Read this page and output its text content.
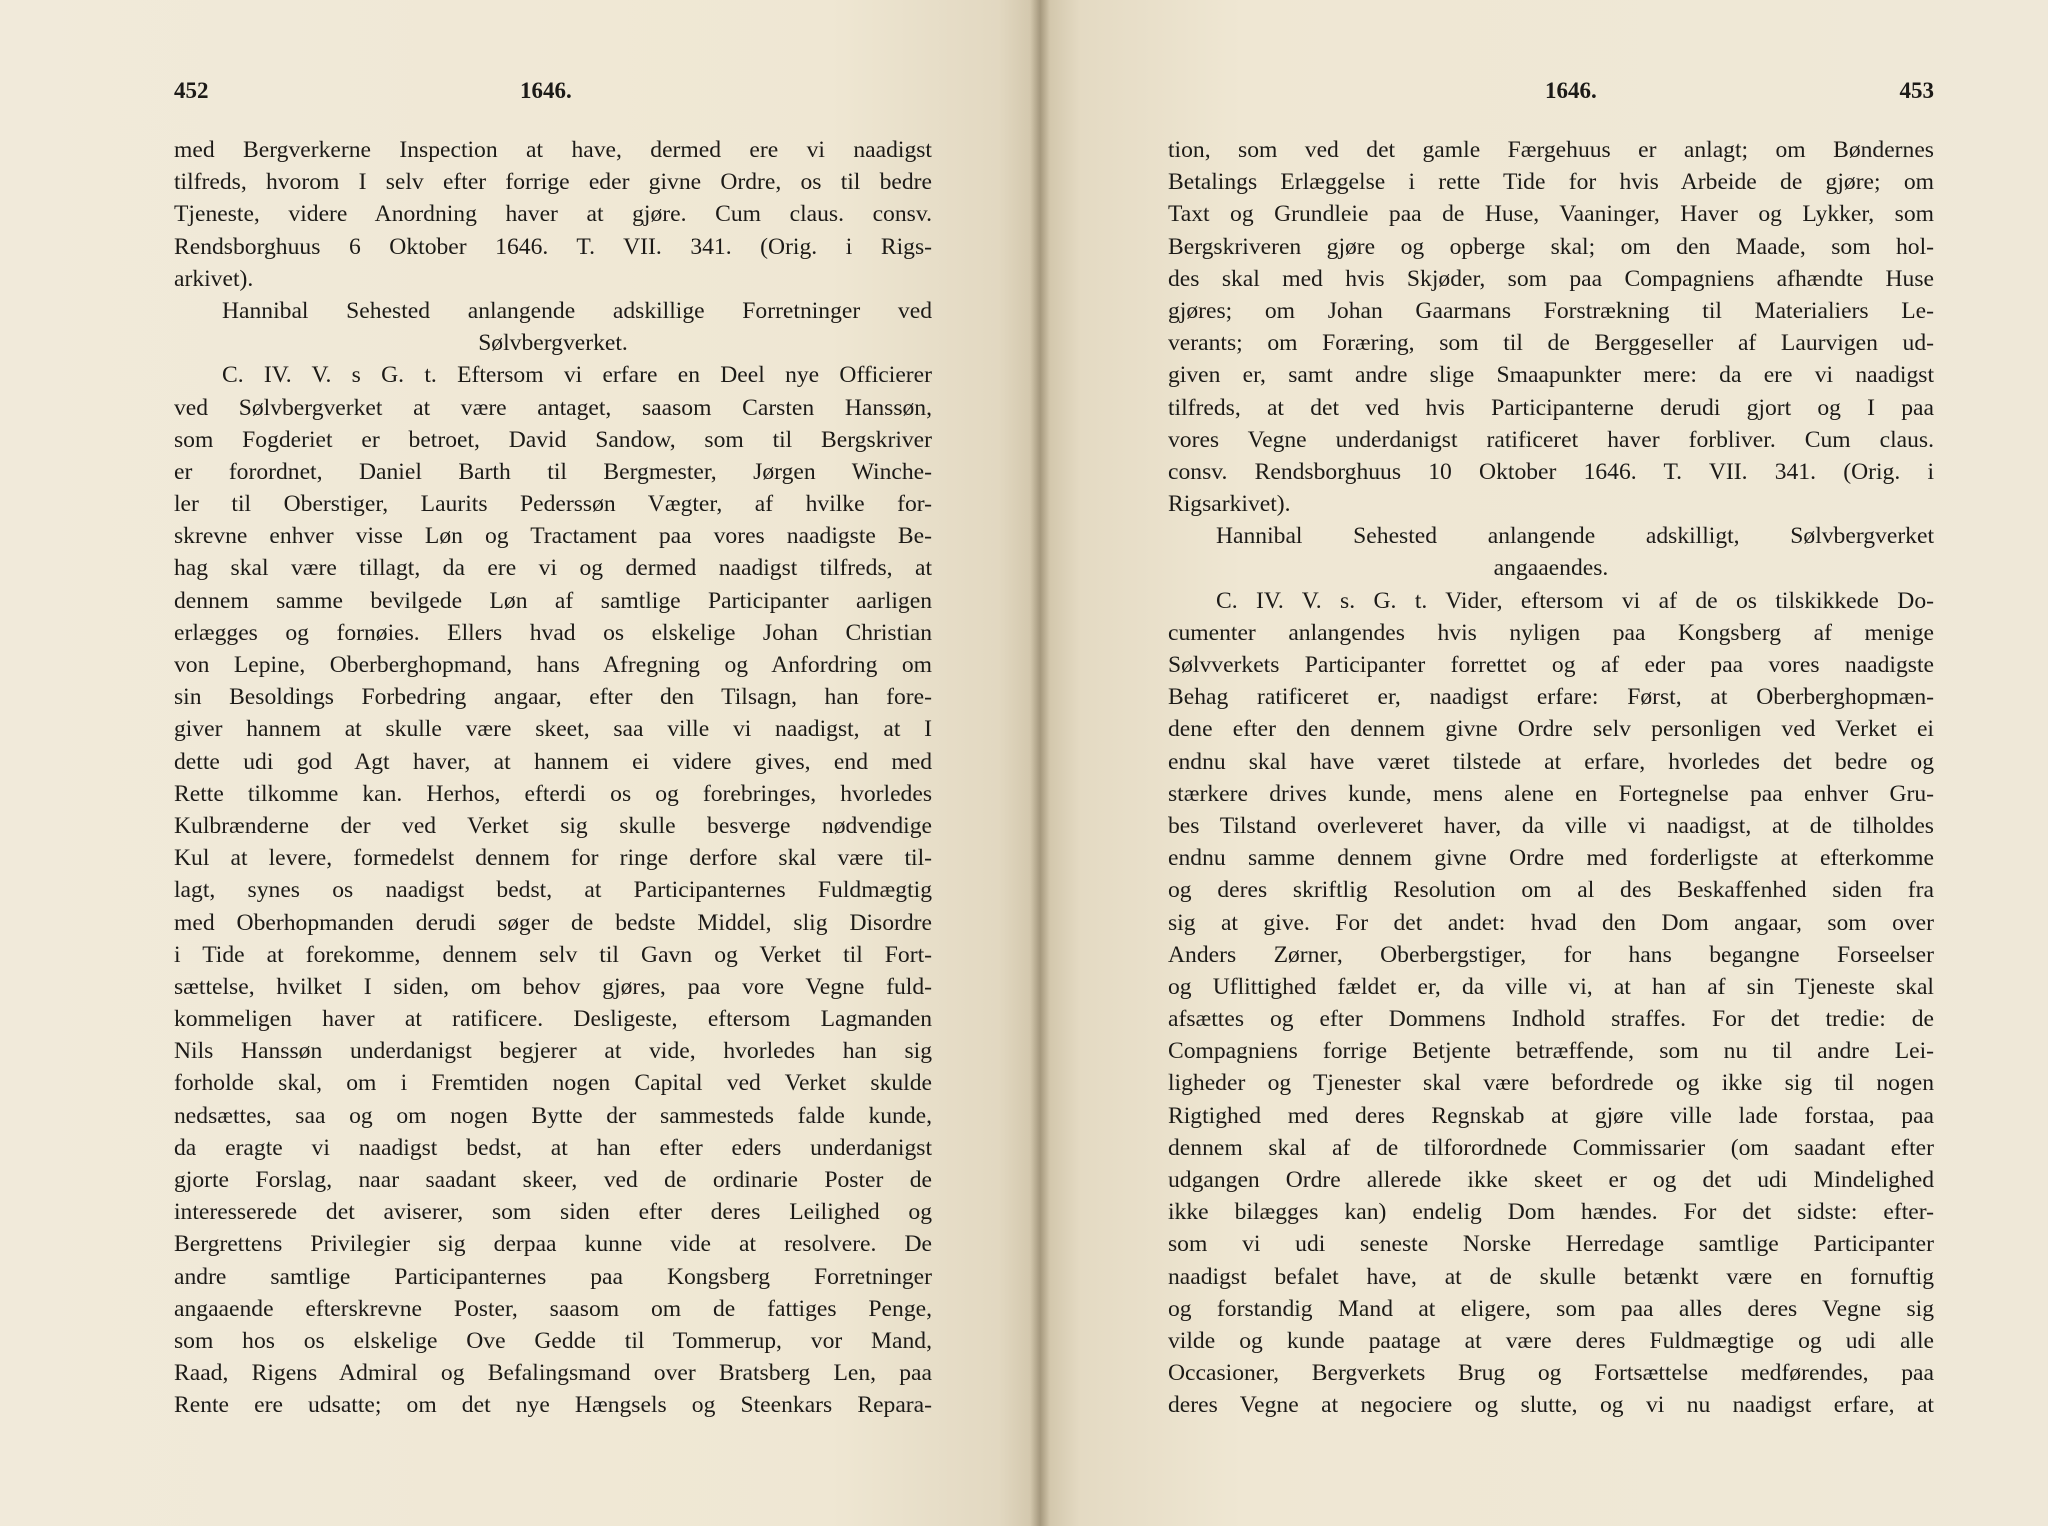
452	1646.
med Bergverkerne Inspection at have, dermed ere vi naadigst
tilfreds, hvorom I selv efter forrige eder givne Ordre, os til bedre
Tjeneste, videre Anordning haver at gjøre. Cum claus. consv.
Rendsborghuus 6 Oktober 1646. T. VII. 341. (Orig. i Rigs-
arkivet).
Hannibal Sehested anlangende adskillige Forretninger ved
Sølvbergverket.
C. IV. V. s G. t. Eftersom vi erfare en Deel nye Officierer
ved Sølvbergverket at være antaget, saasom Carsten Hanssøn,
som Fogderiet er betroet, David Sandow, som til Bergskriver
er forordnet, Daniel Barth til Bergmester, Jørgen Winche-
ler til Oberstiger, Laurits Pederssøn Vægter, af hvilke for-
skrevne enhver visse Løn og Tractament paa vores naadigste Be-
hag skal være tillagt, da ere vi og dermed naadigst tilfreds, at
dennem samme bevilgede Løn af samtlige Participanter aarligen
erlægges og fornøies. Ellers hvad os elskelige Johan Christian
von Lepine, Oberberghopmand, hans Afregning og Anfordring om
sin Besoldings Forbedring angaar, efter den Tilsagn, han fore-
giver hannem at skulle være skeet, saa ville vi naadigst, at I
dette udi god Agt haver, at hannem ei videre gives, end med
Rette tilkomme kan. Herhos, efterdi os og forebringes, hvorledes
Kulbrænderne der ved Verket sig skulle besverge nødvendige
Kul at levere, formedelst dennem for ringe derfore skal være til-
lagt, synes os naadigst bedst, at Participanternes Fuldmægtig
med Oberhopmanden derudi søger de bedste Middel, slig Disordre
i Tide at forekomme, dennem selv til Gavn og Verket til Fort-
sættelse, hvilket I siden, om behov gjøres, paa vore Vegne fuld-
kommeligen haver at ratificere. Desligeste, eftersom Lagmanden
Nils Hanssøn underdanigst begjerer at vide, hvorledes han sig
forholde skal, om i Fremtiden nogen Capital ved Verket skulde
nedsættes, saa og om nogen Bytte der sammesteds falde kunde,
da eragte vi naadigst bedst, at han efter eders underdanigst
gjorte Forslag, naar saadant skeer, ved de ordinarie Poster de
interesserede det aviserer, som siden efter deres Leilighed og
Bergrettens Privilegier sig derpaa kunne vide at resolvere. De
andre samtlige Participanternes paa Kongsberg Forretninger
angaaende efterskrevne Poster, saasom om de fattiges Penge,
som hos os elskelige Ove Gedde til Tommerup, vor Mand,
Raad, Rigens Admiral og Befalingsmand over Bratsberg Len, paa
Rente ere udsatte; om det nye Hængsels og Steenkars Repara-
1646.	453
tion, som ved det gamle Færgehuus er anlagt; om Bøndernes
Betalings Erlæggelse i rette Tide for hvis Arbeide de gjøre; om
Taxt og Grundleie paa de Huse, Vaaninger, Haver og Lykker, som
Bergskriveren gjøre og opberge skal; om den Maade, som hol-
des skal med hvis Skjøder, som paa Compagniens afhændte Huse
gjøres; om Johan Gaarmans Forstrækning til Materialiers Le-
verants; om Foræring, som til de Berggeseller af Laurvigen ud-
given er, samt andre slige Smaapunkter mere: da ere vi naadigst
tilfreds, at det ved hvis Participanterne derudi gjort og I paa
vores Vegne underdanigst ratificeret haver forbliver. Cum claus.
consv. Rendsborghuus 10 Oktober 1646. T. VII. 341. (Orig. i
Rigsarkivet).
Hannibal Sehested anlangende adskilligt, Sølvbergverket
angaaendes.
C. IV. V. s. G. t. Vider, eftersom vi af de os tilskikkede Do-
cumenter anlangendes hvis nyligen paa Kongsberg af menige
Sølvverkets Participanter forrettet og af eder paa vores naadigste
Behag ratificeret er, naadigst erfare: Først, at Oberberghopmæn-
dene efter den dennem givne Ordre selv personligen ved Verket ei
endnu skal have været tilstede at erfare, hvorledes det bedre og
stærkere drives kunde, mens alene en Fortegnelse paa enhver Gru-
bes Tilstand overleveret haver, da ville vi naadigst, at de tilholdes
endnu samme dennem givne Ordre med forderligste at efterkomme
og deres skriftlig Resolution om al des Beskaffenhed siden fra
sig at give. For det andet: hvad den Dom angaar, som over
Anders Zørner, Oberbergstiger, for hans begangne Forseelser
og Uflittighed fældet er, da ville vi, at han af sin Tjeneste skal
afsættes og efter Dommens Indhold straffes. For det tredie: de
Compagniens forrige Betjente betræffende, som nu til andre Lei-
ligheder og Tjenester skal være befordrede og ikke sig til nogen
Rigtighed med deres Regnskab at gjøre ville lade forstaa, paa
dennem skal af de tilforordnede Commissarier (om saadant efter
udgangen Ordre allerede ikke skeet er og det udi Mindelighed
ikke bilægges kan) endelig Dom hændes. For det sidste: efter-
som vi udi seneste Norske Herredage samtlige Participanter
naadigst befalet have, at de skulle betænkt være en fornuftig
og forstandig Mand at eligere, som paa alles deres Vegne sig
vilde og kunde paatage at være deres Fuldmægtige og udi alle
Occasioner, Bergverkets Brug og Fortsættelse medførendes, paa
deres Vegne at negociere og slutte, og vi nu naadigst erfare, at
